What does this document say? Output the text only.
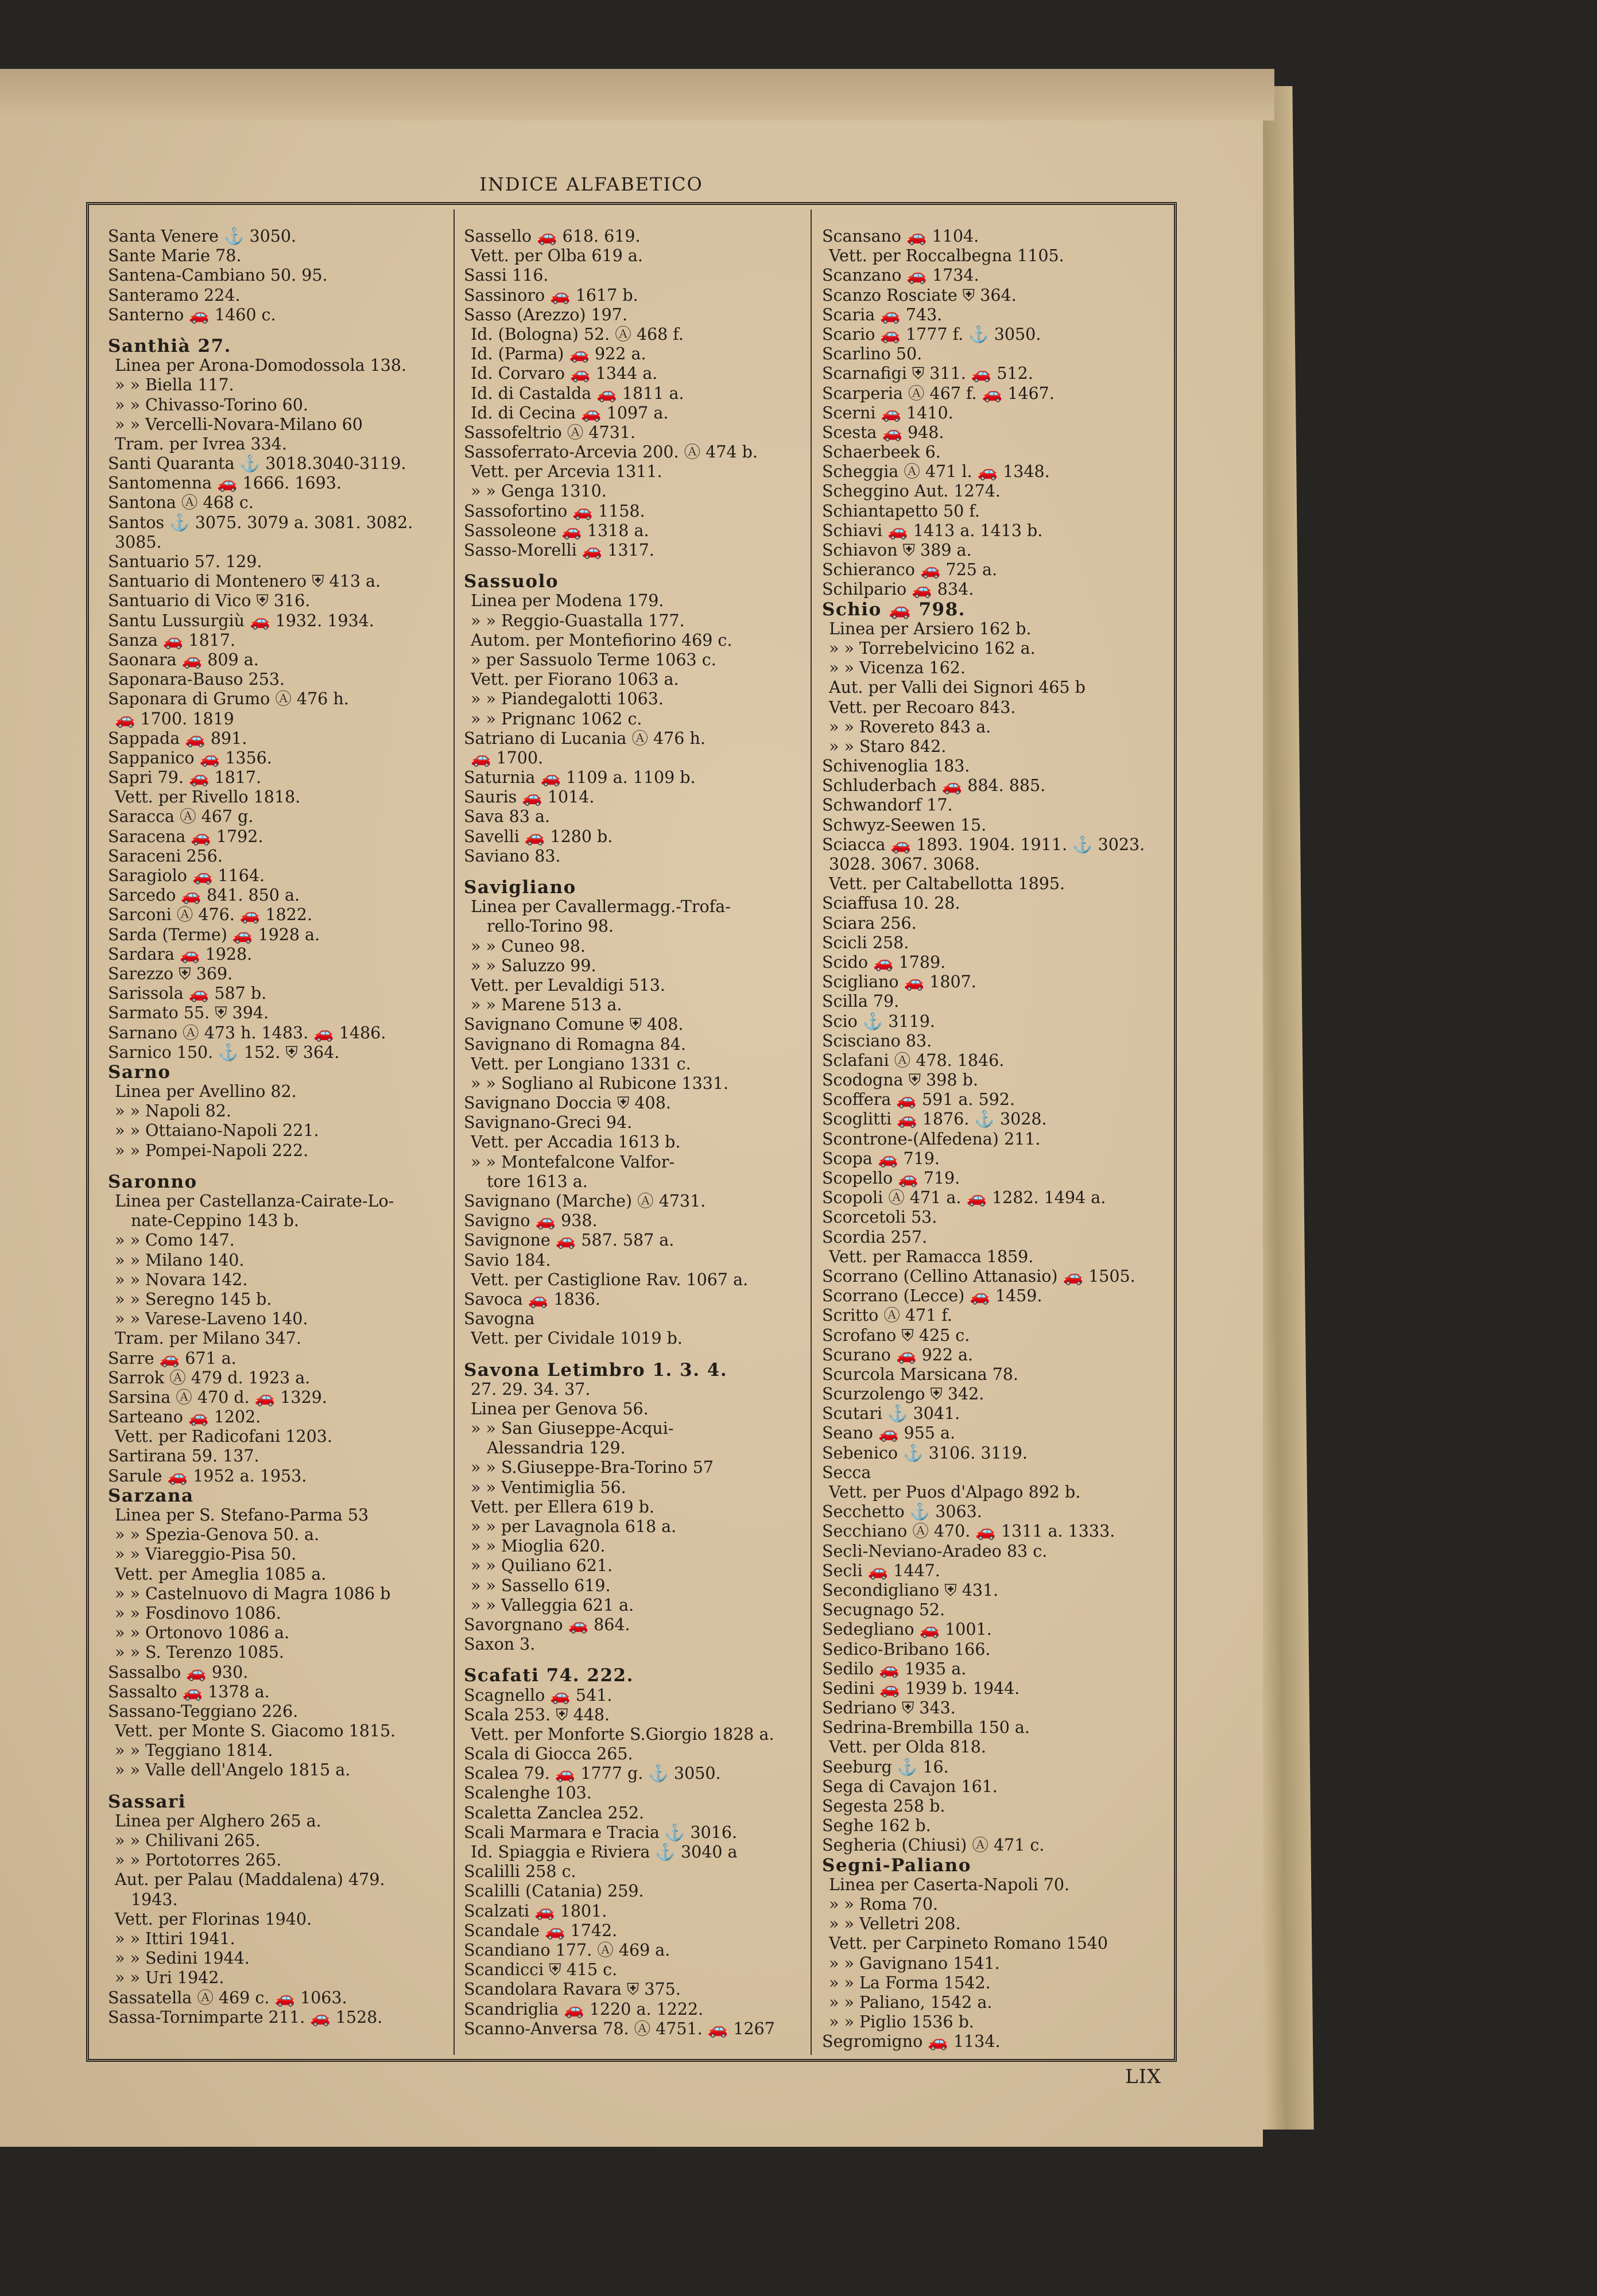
INDICE ALFABETICO
Santa Venere ⚓ 3050.
Sante Marie 78.
Santena-Cambiano 50. 95.
Santeramo 224.
Santerno 🚗 1460 c.
Santhià 27.
Linea per Arona-Domodossola 138.
» » Biella 117.
» » Chivasso-Torino 60.
» » Vercelli-Novara-Milano 60
Tram. per Ivrea 334.
Santi Quaranta ⚓ 3018.3040-3119.
Santomenna 🚗 1666. 1693.
Santona Ⓐ 468 c.
Santos ⚓ 3075. 3079 a. 3081. 3082.
3085.
Santuario 57. 129.
Santuario di Montenero ⛨ 413 a.
Santuario di Vico ⛨ 316.
Santu Lussurgiù 🚗 1932. 1934.
Sanza 🚗 1817.
Saonara 🚗 809 a.
Saponara-Bauso 253.
Saponara di Grumo Ⓐ 476 h.
🚗 1700. 1819
Sappada 🚗 891.
Sappanico 🚗 1356.
Sapri 79. 🚗 1817.
Vett. per Rivello 1818.
Saracca Ⓐ 467 g.
Saracena 🚗 1792.
Saraceni 256.
Saragiolo 🚗 1164.
Sarcedo 🚗 841. 850 a.
Sarconi Ⓐ 476. 🚗 1822.
Sarda (Terme) 🚗 1928 a.
Sardara 🚗 1928.
Sarezzo ⛨ 369.
Sarissola 🚗 587 b.
Sarmato 55. ⛨ 394.
Sarnano Ⓐ 473 h. 1483. 🚗 1486.
Sarnico 150. ⚓ 152. ⛨ 364.
Sarno
Linea per Avellino 82.
» » Napoli 82.
» » Ottaiano-Napoli 221.
» » Pompei-Napoli 222.
Saronno
Linea per Castellanza-Cairate-Lo-
nate-Ceppino 143 b.
» » Como 147.
» » Milano 140.
» » Novara 142.
» » Seregno 145 b.
» » Varese-Laveno 140.
Tram. per Milano 347.
Sarre 🚗 671 a.
Sarrok Ⓐ 479 d. 1923 a.
Sarsina Ⓐ 470 d. 🚗 1329.
Sarteano 🚗 1202.
Vett. per Radicofani 1203.
Sartirana 59. 137.
Sarule 🚗 1952 a. 1953.
Sarzana
Linea per S. Stefano-Parma 53
» » Spezia-Genova 50. a.
» » Viareggio-Pisa 50.
Vett. per Ameglia 1085 a.
» » Castelnuovo di Magra 1086 b
» » Fosdinovo 1086.
» » Ortonovo 1086 a.
» » S. Terenzo 1085.
Sassalbo 🚗 930.
Sassalto 🚗 1378 a.
Sassano-Teggiano 226.
Vett. per Monte S. Giacomo 1815.
» » Teggiano 1814.
» » Valle dell'Angelo 1815 a.
Sassari
Linea per Alghero 265 a.
» » Chilivani 265.
» » Portotorres 265.
Aut. per Palau (Maddalena) 479.
1943.
Vett. per Florinas 1940.
» » Ittiri 1941.
» » Sedini 1944.
» » Uri 1942.
Sassatella Ⓐ 469 c. 🚗 1063.
Sassa-Tornimparte 211. 🚗 1528.
Sassello 🚗 618. 619.
Vett. per Olba 619 a.
Sassi 116.
Sassinoro 🚗 1617 b.
Sasso (Arezzo) 197.
Id. (Bologna) 52. Ⓐ 468 f.
Id. (Parma) 🚗 922 a.
Id. Corvaro 🚗 1344 a.
Id. di Castalda 🚗 1811 a.
Id. di Cecina 🚗 1097 a.
Sassofeltrio Ⓐ 4731.
Sassoferrato-Arcevia 200. Ⓐ 474 b.
Vett. per Arcevia 1311.
» » Genga 1310.
Sassofortino 🚗 1158.
Sassoleone 🚗 1318 a.
Sasso-Morelli 🚗 1317.
Sassuolo
Linea per Modena 179.
» » Reggio-Guastalla 177.
Autom. per Montefiorino 469 c.
» per Sassuolo Terme 1063 c.
Vett. per Fiorano 1063 a.
» » Piandegalotti 1063.
» » Prignanc 1062 c.
Satriano di Lucania Ⓐ 476 h.
🚗 1700.
Saturnia 🚗 1109 a. 1109 b.
Sauris 🚗 1014.
Sava 83 a.
Savelli 🚗 1280 b.
Saviano 83.
Savigliano
Linea per Cavallermagg.-Trofa-
rello-Torino 98.
» » Cuneo 98.
» » Saluzzo 99.
Vett. per Levaldigi 513.
» » Marene 513 a.
Savignano Comune ⛨ 408.
Savignano di Romagna 84.
Vett. per Longiano 1331 c.
» » Sogliano al Rubicone 1331.
Savignano Doccia ⛨ 408.
Savignano-Greci 94.
Vett. per Accadia 1613 b.
» » Montefalcone Valfor-
tore 1613 a.
Savignano (Marche) Ⓐ 4731.
Savigno 🚗 938.
Savignone 🚗 587. 587 a.
Savio 184.
Vett. per Castiglione Rav. 1067 a.
Savoca 🚗 1836.
Savogna
Vett. per Cividale 1019 b.
Savona Letimbro 1. 3. 4.
27. 29. 34. 37.
Linea per Genova 56.
» » San Giuseppe-Acqui-
Alessandria 129.
» » S.Giuseppe-Bra-Torino 57
» » Ventimiglia 56.
Vett. per Ellera 619 b.
» » per Lavagnola 618 a.
» » Mioglia 620.
» » Quiliano 621.
» » Sassello 619.
» » Valleggia 621 a.
Savorgnano 🚗 864.
Saxon 3.
Scafati 74. 222.
Scagnello 🚗 541.
Scala 253. ⛨ 448.
Vett. per Monforte S.Giorgio 1828 a.
Scala di Giocca 265.
Scalea 79. 🚗 1777 g. ⚓ 3050.
Scalenghe 103.
Scaletta Zanclea 252.
Scali Marmara e Tracia ⚓ 3016.
Id. Spiaggia e Riviera ⚓ 3040 a
Scalilli 258 c.
Scalilli (Catania) 259.
Scalzati 🚗 1801.
Scandale 🚗 1742.
Scandiano 177. Ⓐ 469 a.
Scandicci ⛨ 415 c.
Scandolara Ravara ⛨ 375.
Scandriglia 🚗 1220 a. 1222.
Scanno-Anversa 78. Ⓐ 4751. 🚗 1267
Scansano 🚗 1104.
Vett. per Roccalbegna 1105.
Scanzano 🚗 1734.
Scanzo Rosciate ⛨ 364.
Scaria 🚗 743.
Scario 🚗 1777 f. ⚓ 3050.
Scarlino 50.
Scarnafigi ⛨ 311. 🚗 512.
Scarperia Ⓐ 467 f. 🚗 1467.
Scerni 🚗 1410.
Scesta 🚗 948.
Schaerbeek 6.
Scheggia Ⓐ 471 l. 🚗 1348.
Scheggino Aut. 1274.
Schiantapetto 50 f.
Schiavi 🚗 1413 a. 1413 b.
Schiavon ⛨ 389 a.
Schieranco 🚗 725 a.
Schilpario 🚗 834.
Schio 🚗 798.
Linea per Arsiero 162 b.
» » Torrebelvicino 162 a.
» » Vicenza 162.
Aut. per Valli dei Signori 465 b
Vett. per Recoaro 843.
» » Rovereto 843 a.
» » Staro 842.
Schivenoglia 183.
Schluderbach 🚗 884. 885.
Schwandorf 17.
Schwyz-Seewen 15.
Sciacca 🚗 1893. 1904. 1911. ⚓ 3023.
3028. 3067. 3068.
Vett. per Caltabellotta 1895.
Sciaffusa 10. 28.
Sciara 256.
Scicli 258.
Scido 🚗 1789.
Scigliano 🚗 1807.
Scilla 79.
Scio ⚓ 3119.
Scisciano 83.
Sclafani Ⓐ 478. 1846.
Scodogna ⛨ 398 b.
Scoffera 🚗 591 a. 592.
Scoglitti 🚗 1876. ⚓ 3028.
Scontrone-(Alfedena) 211.
Scopa 🚗 719.
Scopello 🚗 719.
Scopoli Ⓐ 471 a. 🚗 1282. 1494 a.
Scorcetoli 53.
Scordia 257.
Vett. per Ramacca 1859.
Scorrano (Cellino Attanasio) 🚗 1505.
Scorrano (Lecce) 🚗 1459.
Scritto Ⓐ 471 f.
Scrofano ⛨ 425 c.
Scurano 🚗 922 a.
Scurcola Marsicana 78.
Scurzolengo ⛨ 342.
Scutari ⚓ 3041.
Seano 🚗 955 a.
Sebenico ⚓ 3106. 3119.
Secca
Vett. per Puos d'Alpago 892 b.
Secchetto ⚓ 3063.
Secchiano Ⓐ 470. 🚗 1311 a. 1333.
Secli-Neviano-Aradeo 83 c.
Secli 🚗 1447.
Secondigliano ⛨ 431.
Secugnago 52.
Sedegliano 🚗 1001.
Sedico-Bribano 166.
Sedilo 🚗 1935 a.
Sedini 🚗 1939 b. 1944.
Sedriano ⛨ 343.
Sedrina-Brembilla 150 a.
Vett. per Olda 818.
Seeburg ⚓ 16.
Sega di Cavajon 161.
Segesta 258 b.
Seghe 162 b.
Segheria (Chiusi) Ⓐ 471 c.
Segni-Paliano
Linea per Caserta-Napoli 70.
» » Roma 70.
» » Velletri 208.
Vett. per Carpineto Romano 1540
» » Gavignano 1541.
» » La Forma 1542.
» » Paliano, 1542 a.
» » Piglio 1536 b.
Segromigno 🚗 1134.
LIX
